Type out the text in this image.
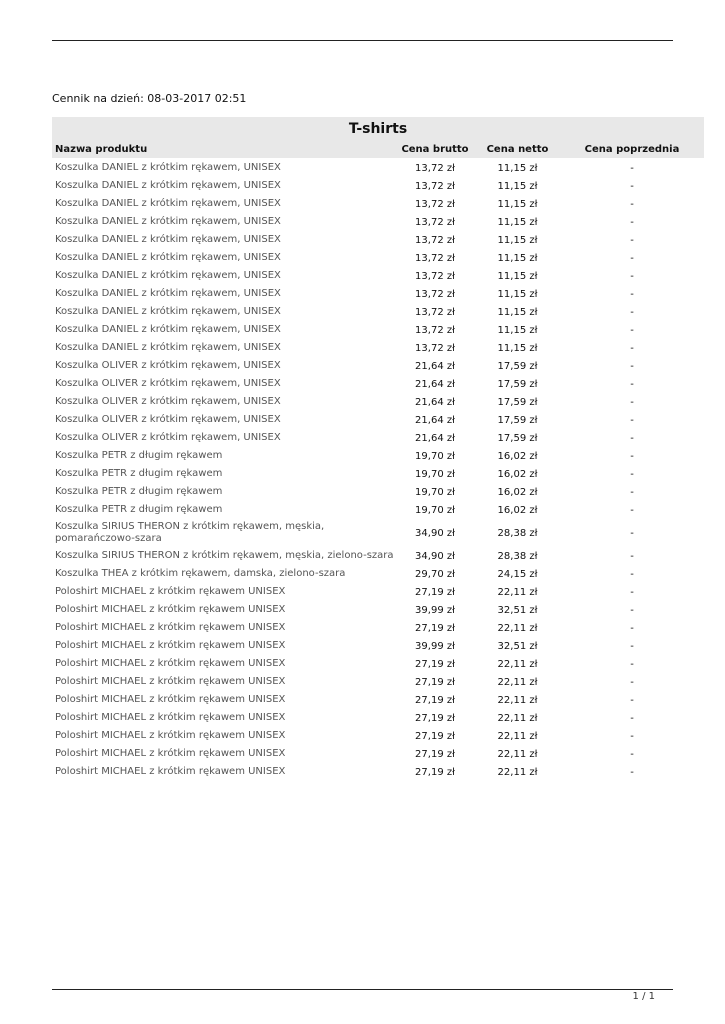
Cennik na dzień: 08-03-2017 02:51
T-shirts
Nazwa produktu	Cena brutto	Cena netto	Cena poprzednia
Koszulka DANIEL z krótkim rękawem, UNISEX	13,72 zł	11,15 zł	-
Koszulka DANIEL z krótkim rękawem, UNISEX	13,72 zł	11,15 zł	-
Koszulka DANIEL z krótkim rękawem, UNISEX	13,72 zł	11,15 zł	-
Koszulka DANIEL z krótkim rękawem, UNISEX	13,72 zł	11,15 zł	-
Koszulka DANIEL z krótkim rękawem, UNISEX	13,72 zł	11,15 zł	-
Koszulka DANIEL z krótkim rękawem, UNISEX	13,72 zł	11,15 zł	-
Koszulka DANIEL z krótkim rękawem, UNISEX	13,72 zł	11,15 zł	-
Koszulka DANIEL z krótkim rękawem, UNISEX	13,72 zł	11,15 zł	-
Koszulka DANIEL z krótkim rękawem, UNISEX	13,72 zł	11,15 zł	-
Koszulka DANIEL z krótkim rękawem, UNISEX	13,72 zł	11,15 zł	-
Koszulka DANIEL z krótkim rękawem, UNISEX	13,72 zł	11,15 zł	-
Koszulka OLIVER z krótkim rękawem, UNISEX	21,64 zł	17,59 zł	-
Koszulka OLIVER z krótkim rękawem, UNISEX	21,64 zł	17,59 zł	-
Koszulka OLIVER z krótkim rękawem, UNISEX	21,64 zł	17,59 zł	-
Koszulka OLIVER z krótkim rękawem, UNISEX	21,64 zł	17,59 zł	-
Koszulka OLIVER z krótkim rękawem, UNISEX	21,64 zł	17,59 zł	-
Koszulka PETR z długim rękawem	19,70 zł	16,02 zł	-
Koszulka PETR z długim rękawem	19,70 zł	16,02 zł	-
Koszulka PETR z długim rękawem	19,70 zł	16,02 zł	-
Koszulka PETR z długim rękawem	19,70 zł	16,02 zł	-
Koszulka SIRIUS THERON z krótkim rękawem, męskia, pomarańczowo-szara	34,90 zł	28,38 zł	-
Koszulka SIRIUS THERON z krótkim rękawem, męskia, zielono-szara	34,90 zł	28,38 zł	-
Koszulka THEA z krótkim rękawem, damska, zielono-szara	29,70 zł	24,15 zł	-
Poloshirt MICHAEL z krótkim rękawem UNISEX	27,19 zł	22,11 zł	-
Poloshirt MICHAEL z krótkim rękawem UNISEX	39,99 zł	32,51 zł	-
Poloshirt MICHAEL z krótkim rękawem UNISEX	27,19 zł	22,11 zł	-
Poloshirt MICHAEL z krótkim rękawem UNISEX	39,99 zł	32,51 zł	-
Poloshirt MICHAEL z krótkim rękawem UNISEX	27,19 zł	22,11 zł	-
Poloshirt MICHAEL z krótkim rękawem UNISEX	27,19 zł	22,11 zł	-
Poloshirt MICHAEL z krótkim rękawem UNISEX	27,19 zł	22,11 zł	-
Poloshirt MICHAEL z krótkim rękawem UNISEX	27,19 zł	22,11 zł	-
Poloshirt MICHAEL z krótkim rękawem UNISEX	27,19 zł	22,11 zł	-
Poloshirt MICHAEL z krótkim rękawem UNISEX	27,19 zł	22,11 zł	-
Poloshirt MICHAEL z krótkim rękawem UNISEX	27,19 zł	22,11 zł	-
1 / 1
